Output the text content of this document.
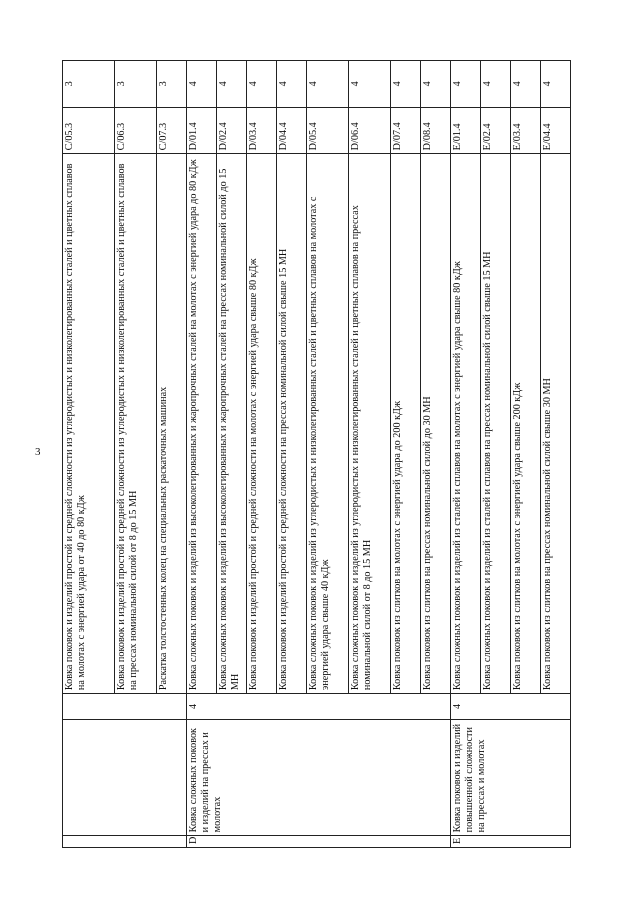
3
			Ковка поковок и изделий простой и средней сложности из углеродистых и низколегированных сталей и цветных сплавов на молотах с энергией удара от 40 до 80 кДж	C/05.3	3
			Ковка поковок и изделий простой и средней сложности из углеродистых и низколегированных сталей и цветных сплавов на прессах номинальной силой от 8 до 15 МН	C/06.3	3
			Раскатка толстостенных колец на специальных раскаточных машинах	C/07.3	3
D	Ковка сложных поковок и изделий на прессах и молотах	4	Ковка сложных поковок и изделий из высоколегированных и жаропрочных сталей на молотах с энергией удара до 80 кДж	D/01.4	4
			Ковка сложных поковок и изделий из высоколегированных и жаропрочных сталей на прессах номинальной силой до 15 МН	D/02.4	4
			Ковка поковок и изделий простой и средней сложности на молотах с энергией удара свыше 80 кДж	D/03.4	4
			Ковка поковок и изделий простой и средней сложности на прессах номинальной силой свыше 15 МН	D/04.4	4
			Ковка сложных поковок и изделий из углеродистых и низколегированных сталей и цветных сплавов на молотах с энергией удара свыше 40 кДж	D/05.4	4
			Ковка сложных поковок и изделий из углеродистых и низколегированных сталей и цветных сплавов на прессах номинальной силой от 8 до 15 МН	D/06.4	4
			Ковка поковок из слитков на молотах с энергией удара до 200 кДж	D/07.4	4
			Ковка поковок из слитков на прессах номинальной силой до 30 МН	D/08.4	4
E	Ковка поковок и изделий повышенной сложности на прессах и молотах	4	Ковка сложных поковок и изделий из сталей и сплавов на молотах с энергией удара свыше 80 кДж	E/01.4	4
			Ковка сложных поковок и изделий из сталей и сплавов на прессах номинальной силой свыше 15 МН	E/02.4	4
			Ковка поковок из слитков на молотах с энергией удара свыше 200 кДж	E/03.4	4
			Ковка поковок из слитков на прессах номинальной силой свыше 30 МН	E/04.4	4
